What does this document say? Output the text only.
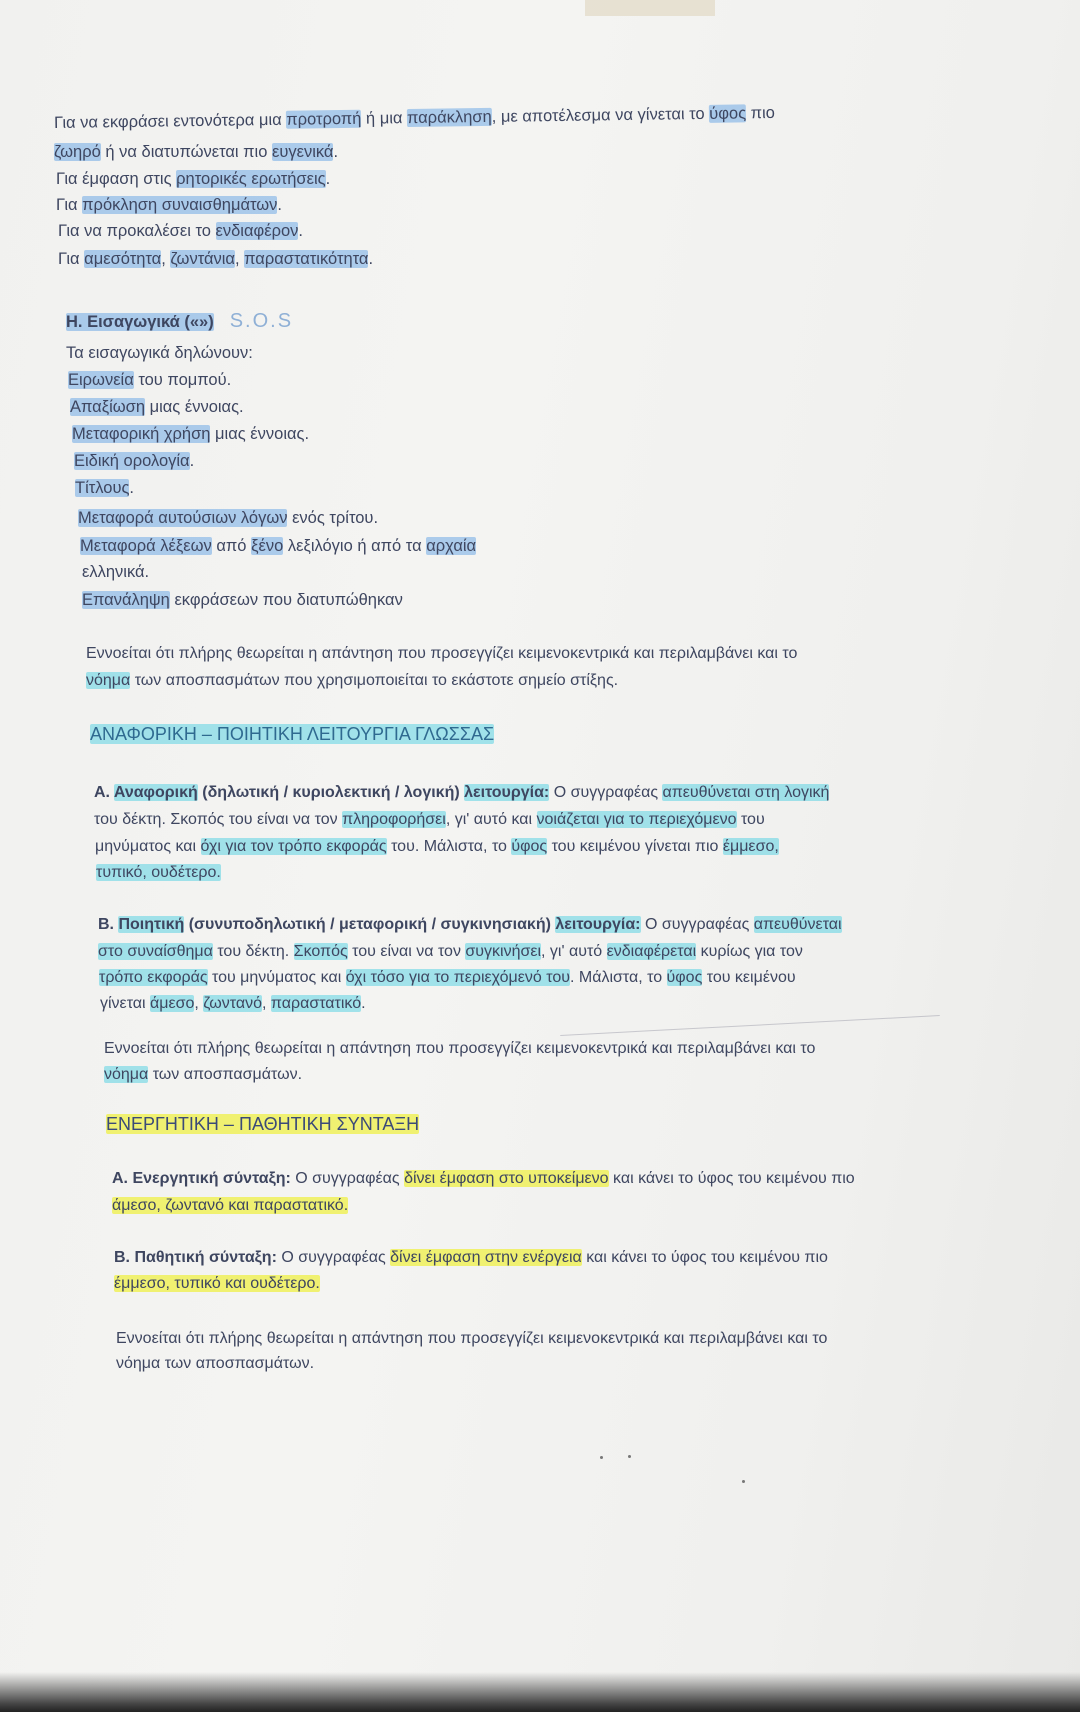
Για να εκφράσει εντονότερα μια προτροπή ή μια παράκληση, με αποτέλεσμα να γίνεται το ύφος πιο
ζωηρό ή να διατυπώνεται πιο ευγενικά.
Για έμφαση στις ρητορικές ερωτήσεις.
Για πρόκληση συναισθημάτων.
Για να προκαλέσει το ενδιαφέρον.
Για αμεσότητα, ζωντάνια, παραστατικότητα.
Η. Εισαγωγικά («») S.O.S
Τα εισαγωγικά δηλώνουν:
Ειρωνεία του πομπού.
Απαξίωση μιας έννοιας.
Μεταφορική χρήση μιας έννοιας.
Ειδική ορολογία.
Τίτλους.
Μεταφορά αυτούσιων λόγων ενός τρίτου.
Μεταφορά λέξεων από ξένο λεξιλόγιο ή από τα αρχαία
ελληνικά.
Επανάληψη εκφράσεων που διατυπώθηκαν
Εννοείται ότι πλήρης θεωρείται η απάντηση που προσεγγίζει κειμενοκεντρικά και περιλαμβάνει και το
νόημα των αποσπασμάτων που χρησιμοποιείται το εκάστοτε σημείο στίξης.
ΑΝΑΦΟΡΙΚΗ – ΠΟΙΗΤΙΚΗ ΛΕΙΤΟΥΡΓΙΑ ΓΛΩΣΣΑΣ
Α. Αναφορική (δηλωτική / κυριολεκτική / λογική) λειτουργία: Ο συγγραφέας απευθύνεται στη λογική
του δέκτη. Σκοπός του είναι να τον πληροφορήσει, γι' αυτό και νοιάζεται για το περιεχόμενο του
μηνύματος και όχι για τον τρόπο εκφοράς του. Μάλιστα, το ύφος του κειμένου γίνεται πιο έμμεσο,
τυπικό, ουδέτερο.
Β. Ποιητική (συνυποδηλωτική / μεταφορική / συγκινησιακή) λειτουργία: Ο συγγραφέας απευθύνεται
στο συναίσθημα του δέκτη. Σκοπός του είναι να τον συγκινήσει, γι' αυτό ενδιαφέρεται κυρίως για τον
τρόπο εκφοράς του μηνύματος και όχι τόσο για το περιεχόμενό του. Μάλιστα, το ύφος του κειμένου
γίνεται άμεσο, ζωντανό, παραστατικό.
Εννοείται ότι πλήρης θεωρείται η απάντηση που προσεγγίζει κειμενοκεντρικά και περιλαμβάνει και το
νόημα των αποσπασμάτων.
ΕΝΕΡΓΗΤΙΚΗ – ΠΑΘΗΤΙΚΗ ΣΥΝΤΑΞΗ
Α. Ενεργητική σύνταξη: Ο συγγραφέας δίνει έμφαση στο υποκείμενο και κάνει το ύφος του κειμένου πιο
άμεσο, ζωντανό και παραστατικό.
Β. Παθητική σύνταξη: Ο συγγραφέας δίνει έμφαση στην ενέργεια και κάνει το ύφος του κειμένου πιο
έμμεσο, τυπικό και ουδέτερο.
Εννοείται ότι πλήρης θεωρείται η απάντηση που προσεγγίζει κειμενοκεντρικά και περιλαμβάνει και το
νόημα των αποσπασμάτων.
